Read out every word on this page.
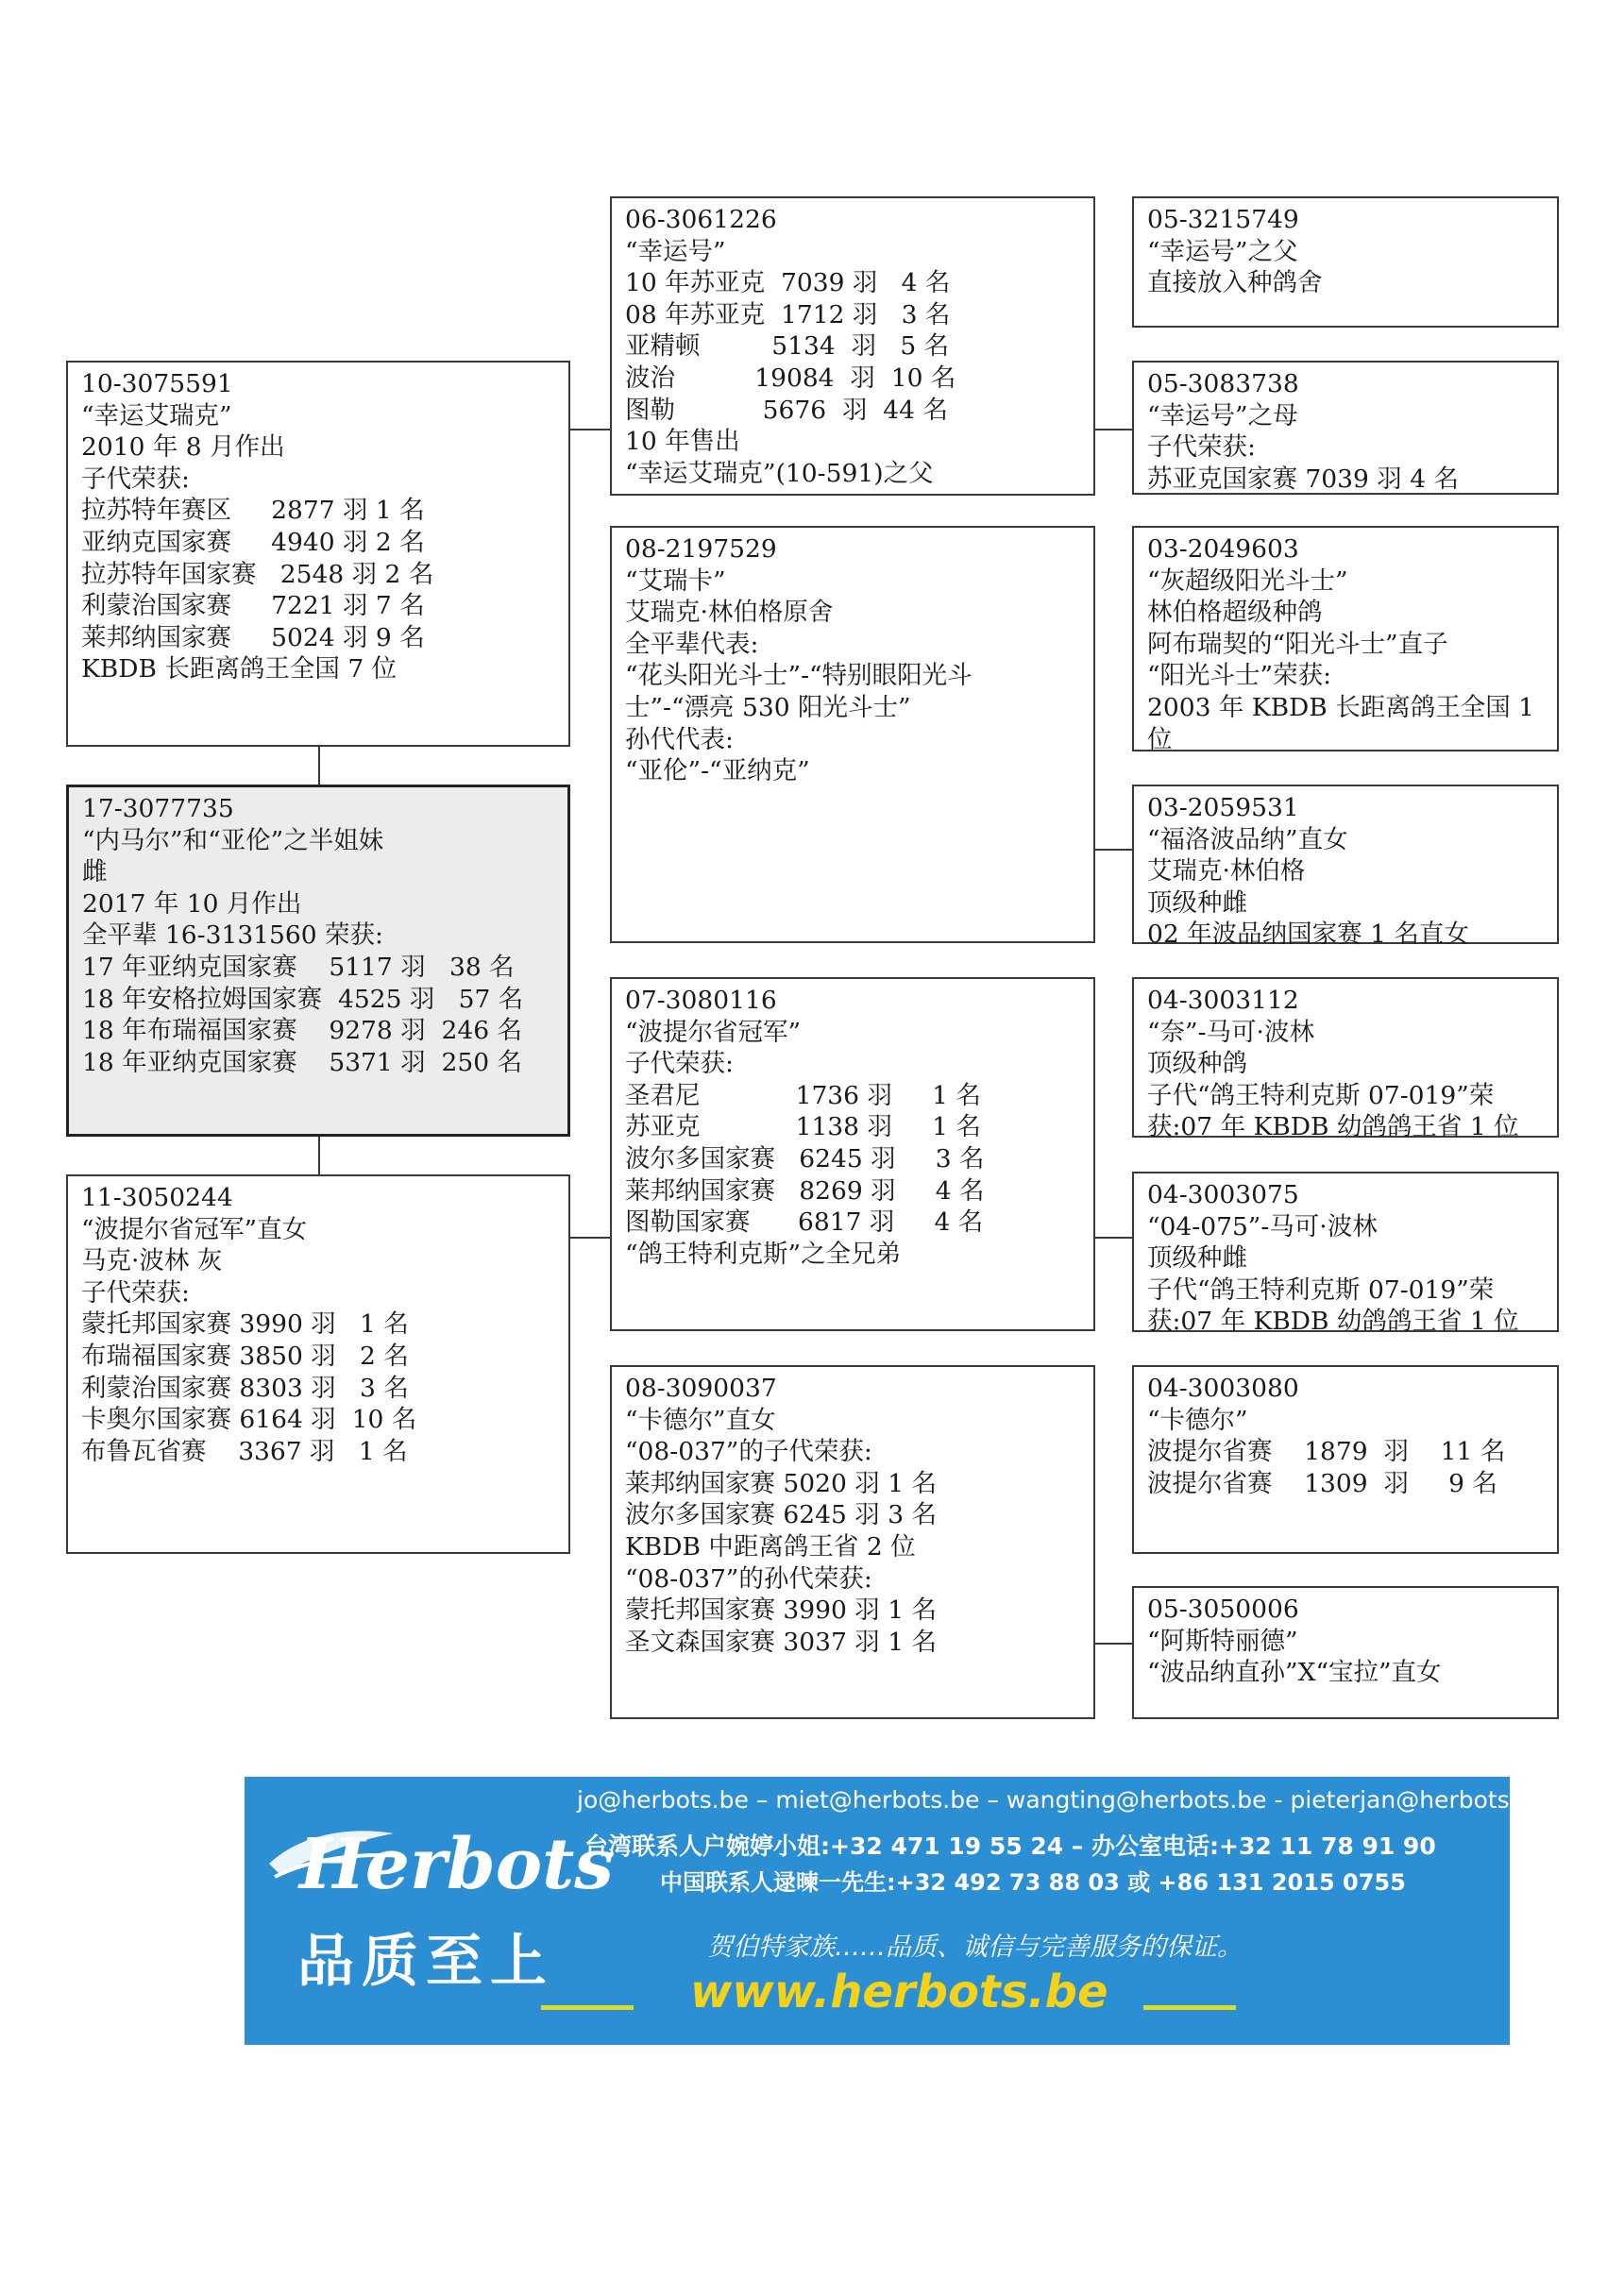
10-3075591
“幸运艾瑞克”
2010 年 8 月作出
子代荣获:
拉苏特年赛区     2877 羽 1 名
亚纳克国家赛     4940 羽 2 名
拉苏特年国家赛   2548 羽 2 名
利蒙治国家赛     7221 羽 7 名
莱邦纳国家赛     5024 羽 9 名
KBDB 长距离鸽王全国 7 位
17-3077735
“内马尔”和“亚伦”之半姐妹
雌
2017 年 10 月作出
全平辈 16-3131560 荣获:
17 年亚纳克国家赛    5117 羽   38 名
18 年安格拉姆国家赛  4525 羽   57 名
18 年布瑞福国家赛    9278 羽  246 名
18 年亚纳克国家赛    5371 羽  250 名
11-3050244
“波提尔省冠军”直女
马克·波林 灰
子代荣获:
蒙托邦国家赛 3990 羽   1 名
布瑞福国家赛 3850 羽   2 名
利蒙治国家赛 8303 羽   3 名
卡奥尔国家赛 6164 羽  10 名
布鲁瓦省赛    3367 羽   1 名
06-3061226
“幸运号”
10 年苏亚克  7039 羽   4 名
08 年苏亚克  1712 羽   3 名
亚精顿         5134  羽   5 名
波治          19084  羽  10 名
图勒           5676  羽  44 名
10 年售出
“幸运艾瑞克”(10-591)之父
08-2197529
“艾瑞卡”
艾瑞克·林伯格原舍
全平辈代表:
“花头阳光斗士”-“特别眼阳光斗
士”-“漂亮 530 阳光斗士”
孙代代表:
“亚伦”-“亚纳克”
07-3080116
“波提尔省冠军”
子代荣获:
圣君尼            1736 羽     1 名
苏亚克            1138 羽     1 名
波尔多国家赛   6245 羽     3 名
莱邦纳国家赛   8269 羽     4 名
图勒国家赛      6817 羽     4 名
“鸽王特利克斯”之全兄弟
08-3090037
“卡德尔”直女
“08-037”的子代荣获:
莱邦纳国家赛 5020 羽 1 名
波尔多国家赛 6245 羽 3 名
KBDB 中距离鸽王省 2 位
“08-037”的孙代荣获:
蒙托邦国家赛 3990 羽 1 名
圣文森国家赛 3037 羽 1 名
05-3215749
“幸运号”之父
直接放入种鸽舍
05-3083738
“幸运号”之母
子代荣获:
苏亚克国家赛 7039 羽 4 名
03-2049603
“灰超级阳光斗士”
林伯格超级种鸽
阿布瑞契的“阳光斗士”直子
“阳光斗士”荣获:
2003 年 KBDB 长距离鸽王全国 1
位
03-2059531
“福洛波品纳”直女
艾瑞克·林伯格
顶级种雌
02 年波品纳国家赛 1 名直女
04-3003112
“奈”-马可·波林
顶级种鸽
子代“鸽王特利克斯 07-019”荣
获:07 年 KBDB 幼鸽鸽王省 1 位
04-3003075
“04-075”-马可·波林
顶级种雌
子代“鸽王特利克斯 07-019”荣
获:07 年 KBDB 幼鸽鸽王省 1 位
04-3003080
“卡德尔”
波提尔省赛    1879  羽    11 名
波提尔省赛    1309  羽     9 名
05-3050006
“阿斯特丽德”
“波品纳直孙”X“宝拉”直女
Herbots
品质至上
jo@herbots.be – miet@herbots.be – wangting@herbots.be - pieterjan@herbots.be
台湾联系人户婉婷小姐:+32 471 19 55 24 – 办公室电话:+32 11 78 91 90
中国联系人逯暕一先生:+32 492 73 88 03 或 +86 131 2015 0755
贺伯特家族……品质、诚信与完善服务的保证。
www.herbots.be
